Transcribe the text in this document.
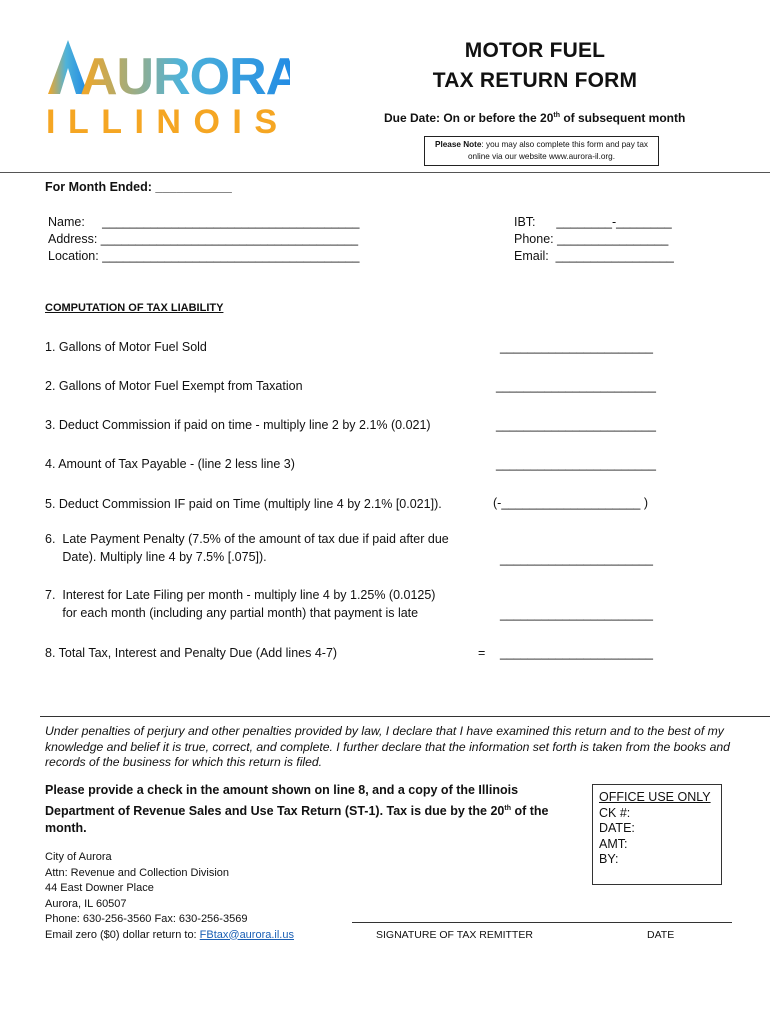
AURORA
ILLINOIS
MOTOR FUEL
TAX RETURN FORM
Due Date: On or before the 20th of subsequent month
Please Note: you may also complete this form and pay tax online via our website www.aurora-il.org.
For Month Ended: ___________
Name:     _____________________________________
Address: _____________________________________
Location: _____________________________________
IBT:      ________-________
Phone: ________________
Email:  _________________
COMPUTATION OF TAX LIABILITY
1. Gallons of Motor Fuel Sold	______________________
2. Gallons of Motor Fuel Exempt from Taxation	_______________________
3. Deduct Commission if paid on time - multiply line 2 by 2.1% (0.021)	_______________________
4. Amount of Tax Payable - (line 2 less line 3)	_______________________
5. Deduct Commission IF paid on Time (multiply line 4 by 2.1% [0.021]).	(-____________________ )
6.  Late Payment Penalty (7.5% of the amount of tax due if paid after due
Date). Multiply line 4 by 7.5% [.075]).	______________________
7.  Interest for Late Filing per month - multiply line 4 by 1.25% (0.0125)
for each month (including any partial month) that payment is late	______________________
8. Total Tax, Interest and Penalty Due (Add lines 4-7)	= ______________________
Under penalties of perjury and other penalties provided by law, I declare that I have examined this return and to the best of my knowledge and belief it is true, correct, and complete. I further declare that the information set forth is taken from the books and records of the business for which this return is filed.
Please provide a check in the amount shown on line 8, and a copy of the Illinois Department of Revenue Sales and Use Tax Return (ST-1). Tax is due by the 20th of the month.
OFFICE USE ONLY
CK #:
DATE:
AMT:
BY:
City of Aurora
Attn: Revenue and Collection Division
44 East Downer Place
Aurora, IL 60507
Phone: 630-256-3560 Fax: 630-256-3569
Email zero ($0) dollar return to: FBtax@aurora.il.us	SIGNATURE OF TAX REMITTER	DATE
